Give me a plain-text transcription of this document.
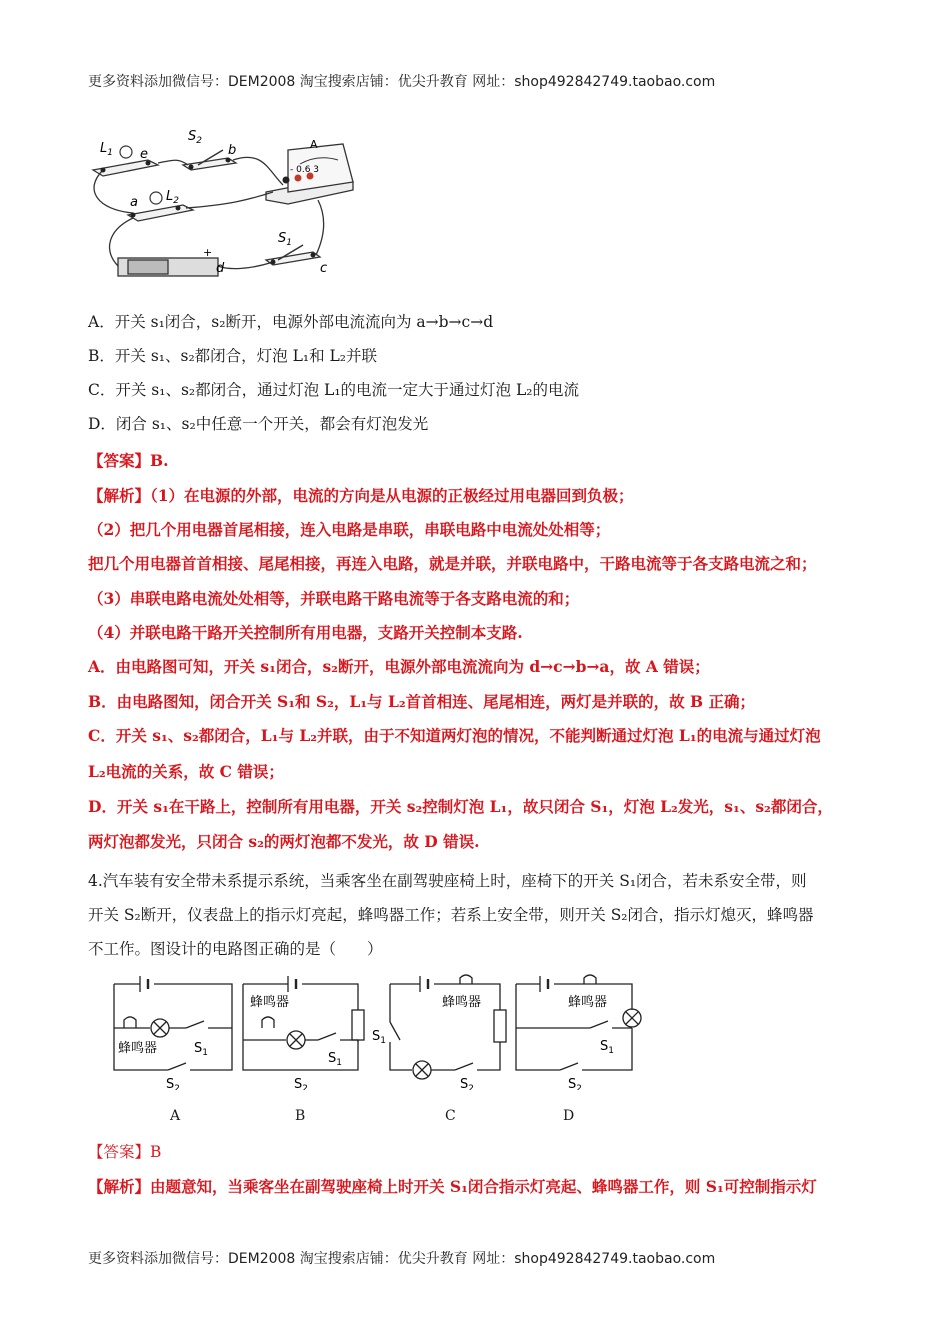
更多资料添加微信号：DEM2008 淘宝搜索店铺：优尖升教育 网址：shop492842749.taobao.com
$L_1$ e
$S_2$
b	A
- 0.6 3
a $L_2$
+
d
$S_1$
c
A．开关 s₁闭合，s₂断开，电源外部电流流向为 a→b→c→d
B．开关 s₁、s₂都闭合，灯泡 L₁和 L₂并联
C．开关 s₁、s₂都闭合，通过灯泡 L₁的电流一定大于通过灯泡 L₂的电流
D．闭合 s₁、s₂中任意一个开关，都会有灯泡发光
【答案】B.
【解析】（1）在电源的外部，电流的方向是从电源的正极经过用电器回到负极；
（2）把几个用电器首尾相接，连入电路是串联，串联电路中电流处处相等；
把几个用电器首首相接、尾尾相接，再连入电路，就是并联，并联电路中，干路电流等于各支路电流之和；
（3）串联电路电流处处相等，并联电路干路电流等于各支路电流的和；
（4）并联电路干路开关控制所有用电器，支路开关控制本支路.
A．由电路图可知，开关 s₁闭合，s₂断开，电源外部电流流向为 d→c→b→a，故 A 错误；
B．由电路图知，闭合开关 S₁和 S₂，L₁与 L₂首首相连、尾尾相连，两灯是并联的，故 B 正确；
C．开关 s₁、s₂都闭合，L₁与 L₂并联，由于不知道两灯泡的情况，不能判断通过灯泡 L₁的电流与通过灯泡
L₂电流的关系，故 C 错误；
D．开关 s₁在干路上，控制所有用电器，开关 s₂控制灯泡 L₁，故只闭合 S₁，灯泡 L₂发光，s₁、s₂都闭合，
两灯泡都发光，只闭合 s₂的两灯泡都不发光，故 D 错误.
4.汽车装有安全带未系提示系统，当乘客坐在副驾驶座椅上时，座椅下的开关 S₁闭合，若未系安全带，则
开关 S₂断开，仪表盘上的指示灯亮起，蜂鸣器工作；若系上安全带，则开关 S₂闭合，指示灯熄灭，蜂鸣器
不工作。图设计的电路图正确的是（　　）
蜂鸣器	$S_1$
$S_2$
蜂鸣器
$S_1$
$S_2$
蜂鸣器
$S_1$
$S_2$
蜂鸣器
$S_1$
$S_2$
A	B	C	D
【答案】B
【解析】由题意知，当乘客坐在副驾驶座椅上时开关 S₁闭合指示灯亮起、蜂鸣器工作，则 S₁可控制指示灯
更多资料添加微信号：DEM2008 淘宝搜索店铺：优尖升教育 网址：shop492842749.taobao.com
